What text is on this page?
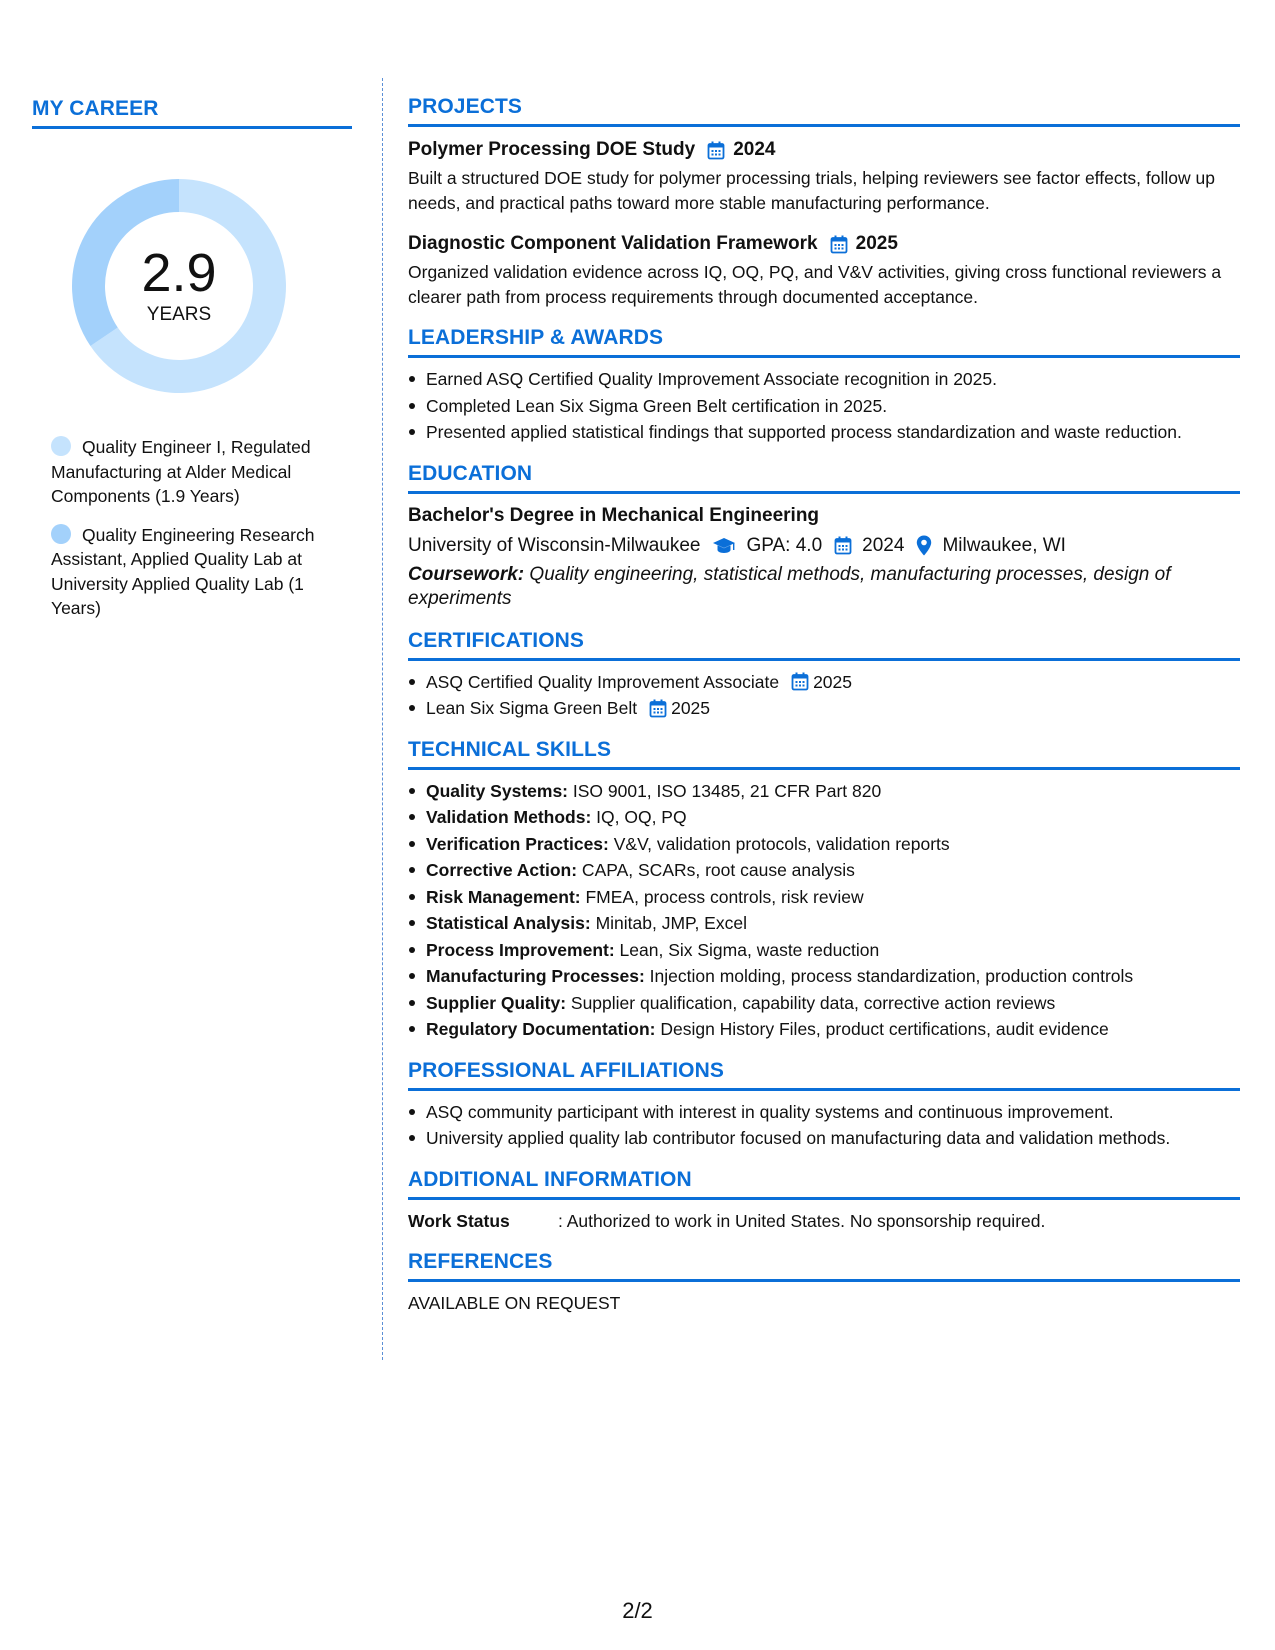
MY CAREER
2.9
YEARS
Quality Engineer I, Regulated Manufacturing at Alder Medical Components (1.9 Years)
Quality Engineering Research Assistant, Applied Quality Lab at University Applied Quality Lab (1 Years)
PROJECTS
Polymer Processing DOE Study 2024
Built a structured DOE study for polymer processing trials, helping reviewers see factor effects, follow up needs, and practical paths toward more stable manufacturing performance.
Diagnostic Component Validation Framework 2025
Organized validation evidence across IQ, OQ, PQ, and V&V activities, giving cross functional reviewers a clearer path from process requirements through documented acceptance.
LEADERSHIP & AWARDS
Earned ASQ Certified Quality Improvement Associate recognition in 2025.
Completed Lean Six Sigma Green Belt certification in 2025.
Presented applied statistical findings that supported process standardization and waste reduction.
EDUCATION
Bachelor's Degree in Mechanical Engineering
University of Wisconsin-Milwaukee GPA: 4.0 2024 Milwaukee, WI
Coursework: Quality engineering, statistical methods, manufacturing processes, design of experiments
CERTIFICATIONS
ASQ Certified Quality Improvement Associate 2025
Lean Six Sigma Green Belt 2025
TECHNICAL SKILLS
Quality Systems: ISO 9001, ISO 13485, 21 CFR Part 820
Validation Methods: IQ, OQ, PQ
Verification Practices: V&V, validation protocols, validation reports
Corrective Action: CAPA, SCARs, root cause analysis
Risk Management: FMEA, process controls, risk review
Statistical Analysis: Minitab, JMP, Excel
Process Improvement: Lean, Six Sigma, waste reduction
Manufacturing Processes: Injection molding, process standardization, production controls
Supplier Quality: Supplier qualification, capability data, corrective action reviews
Regulatory Documentation: Design History Files, product certifications, audit evidence
PROFESSIONAL AFFILIATIONS
ASQ community participant with interest in quality systems and continuous improvement.
University applied quality lab contributor focused on manufacturing data and validation methods.
ADDITIONAL INFORMATION
Work Status	: Authorized to work in United States. No sponsorship required.
REFERENCES
AVAILABLE ON REQUEST
2/2
